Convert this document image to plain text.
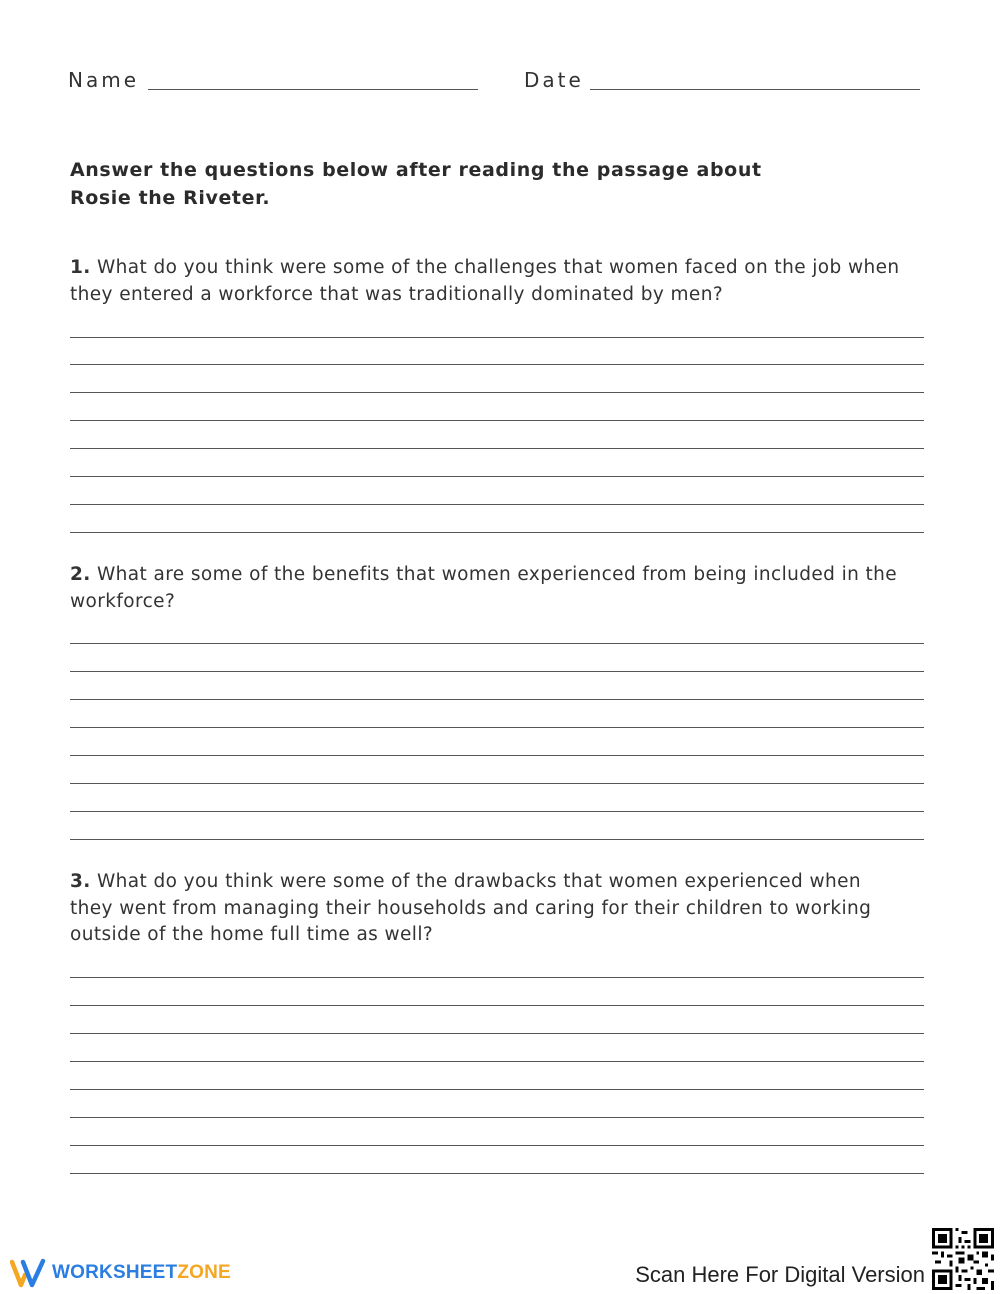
Name	Date
Answer the questions below after reading the passage about Rosie the Riveter.
1. What do you think were some of the challenges that women faced on the job when they entered a workforce that was traditionally dominated by men?
2. What are some of the benefits that women experienced from being included in the workforce?
3. What do you think were some of the drawbacks that women experienced when they went from managing their households and caring for their children to working outside of the home full time as well?
WORKSHEETZONE	Scan Here For Digital Version
